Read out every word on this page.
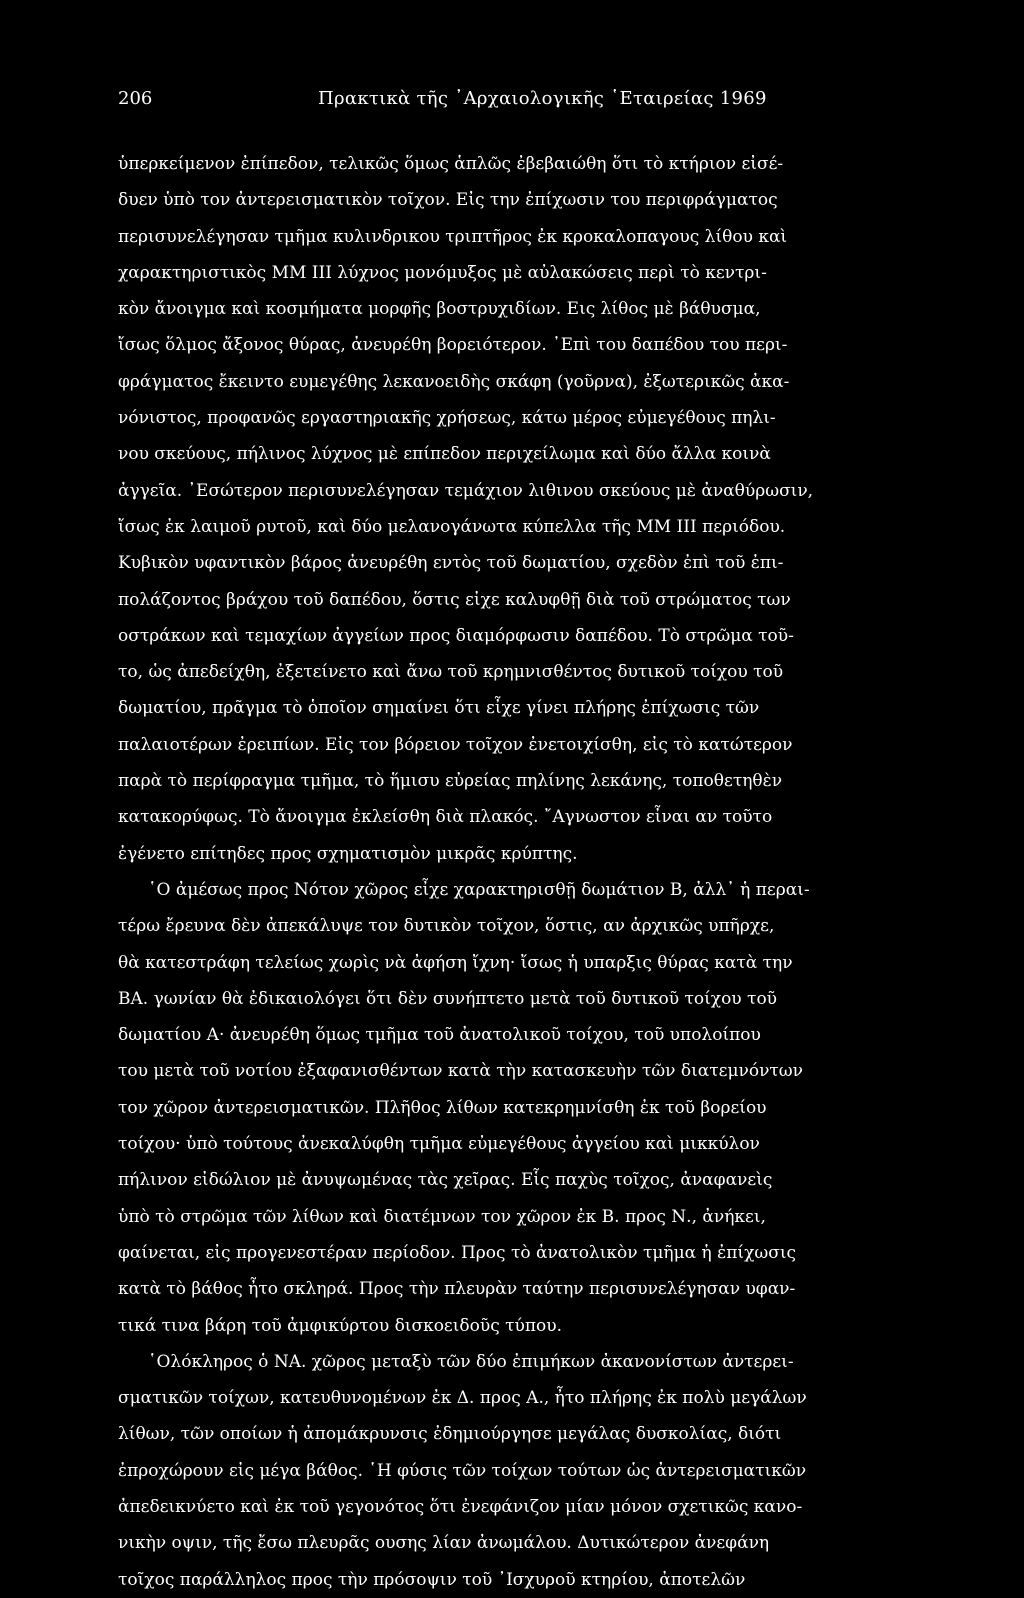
206	Πρακτικὰ τῆς ᾿Αρχαιολογικῆς ῾Εταιρείας 1969
ὑπερκείμενον ἐπίπεδον, τελικῶς ὅμως ἁπλῶς ἐβεβαιώθη ὅτι τὸ κτήριον εἰσέ-
δυεν ὑπὸ τον ἀντερεισματικὸν τοῖχον. Εἰς την ἐπίχωσιν του περιφράγματος
περισυνελέγησαν τμῆμα κυλινδρικου τριπτῆρος ἐκ κροκαλοπαγους λίθου καὶ
χαρακτηριστικὸς ΜΜ ΙΙΙ λύχνος μονόμυξος μὲ αὐλακώσεις περὶ τὸ κεντρι-
κὸν ἄνοιγμα καὶ κοσμήματα μορφῆς βοστρυχιδίων. Εις λίθος μὲ βάθυσμα,
ἴσως ὅλμος ἄξονος θύρας, ἀνευρέθη βορειότερον. ᾿Επὶ του δαπέδου του περι-
φράγματος ἔκειντο ευμεγέθης λεκανοειδὴς σκάφη (γοῦρνα), ἐξωτερικῶς ἀκα-
νόνιστος, προφανῶς εργαστηριακῆς χρήσεως, κάτω μέρος εὐμεγέθους πηλι-
νου σκεύους, πήλινος λύχνος μὲ επίπεδον περιχείλωμα καὶ δύο ἄλλα κοινὰ
ἀγγεῖα. ᾿Εσώτερον περισυνελέγησαν τεμάχιον λιθινου σκεύους μὲ ἀναθύρωσιν,
ἴσως ἐκ λαιμοῦ ρυτοῦ, καὶ δύο μελανογάνωτα κύπελλα τῆς ΜΜ ΙΙΙ περιόδου.
Κυβικὸν υφαντικὸν βάρος ἀνευρέθη εντὸς τοῦ δωματίου, σχεδὸν ἐπὶ τοῦ ἐπι-
πολάζοντος βράχου τοῦ δαπέδου, ὅστις εἰχε καλυφθῇ διὰ τοῦ στρώματος των
οστράκων καὶ τεμαχίων ἀγγείων προς διαμόρφωσιν δαπέδου. Τὸ στρῶμα τοῦ-
το, ὡς ἀπεδείχθη, ἐξετείνετο καὶ ἄνω τοῦ κρημνισθέντος δυτικοῦ τοίχου τοῦ
δωματίου, πρᾶγμα τὸ ὁποῖον σημαίνει ὅτι εἶχε γίνει πλήρης ἐπίχωσις τῶν
παλαιοτέρων ἐρειπίων. Εἰς τον βόρειον τοῖχον ἐνετοιχίσθη, εἰς τὸ κατώτερον
παρὰ τὸ περίφραγμα τμῆμα, τὸ ἥμισυ εὐρείας πηλίνης λεκάνης, τοποθετηθὲν
κατακορύφως. Τὸ ἄνοιγμα ἐκλείσθη διὰ πλακός. ῎Αγνωστον εἶναι αν τοῦτο
ἐγένετο επίτηδες προς σχηματισμὸν μικρᾶς κρύπτης.
῾Ο ἀμέσως προς Νότον χῶρος εἶχε χαρακτηρισθῇ δωμάτιον Β, ἀλλ᾿ ἡ περαι-
τέρω ἔρευνα δὲν ἀπεκάλυψε τον δυτικὸν τοῖχον, ὅστις, αν ἀρχικῶς υπῆρχε,
θὰ κατεστράφη τελείως χωρὶς νὰ ἀφήση ἴχνη· ἴσως ἡ υπαρξις θύρας κατὰ την
ΒΑ. γωνίαν θὰ ἐδικαιολόγει ὅτι δὲν συνήπτετο μετὰ τοῦ δυτικοῦ τοίχου τοῦ
δωματίου Α· ἀνευρέθη ὅμως τμῆμα τοῦ ἀνατολικοῦ τοίχου, τοῦ υπολοίπου
του μετὰ τοῦ νοτίου ἐξαφανισθέντων κατὰ τὴν κατασκευὴν τῶν διατεμνόντων
τον χῶρον ἀντερεισματικῶν. Πλῆθος λίθων κατεκρημνίσθη ἐκ τοῦ βορείου
τοίχου· ὑπὸ τούτους ἀνεκαλύφθη τμῆμα εὐμεγέθους ἀγγείου καὶ μικκύλον
πήλινον εἰδώλιον μὲ ἀνυψωμένας τὰς χεῖρας. Εἷς παχὺς τοῖχος, ἀναφανεὶς
ὑπὸ τὸ στρῶμα τῶν λίθων καὶ διατέμνων τον χῶρον ἐκ Β. προς Ν., ἀνήκει,
φαίνεται, εἰς προγενεστέραν περίοδον. Προς τὸ ἀνατολικὸν τμῆμα ἡ ἐπίχωσις
κατὰ τὸ βάθος ἦτο σκληρά. Προς τὴν πλευρὰν ταύτην περισυνελέγησαν υφαν-
τικά τινα βάρη τοῦ ἀμφικύρτου δισκοειδοῦς τύπου.
῾Ολόκληρος ὁ ΝΑ. χῶρος μεταξὺ τῶν δύο ἐπιμήκων ἀκανονίστων ἀντερει-
σματικῶν τοίχων, κατευθυνομένων ἐκ Δ. προς Α., ἦτο πλήρης ἐκ πολὺ μεγάλων
λίθων, τῶν οποίων ἡ ἀπομάκρυνσις ἐδημιούργησε μεγάλας δυσκολίας, διότι
ἐπροχώρουν εἰς μέγα βάθος. ῾Η φύσις τῶν τοίχων τούτων ὡς ἀντερεισματικῶν
ἀπεδεικνύετο καὶ ἐκ τοῦ γεγονότος ὅτι ἐνεφάνιζον μίαν μόνον σχετικῶς κανο-
νικὴν οψιν, τῆς ἔσω πλευρᾶς ουσης λίαν ἀνωμάλου. Δυτικώτερον ἀνεφάνη
τοῖχος παράλληλος προς τὴν πρόσοψιν τοῦ ᾿Ισχυροῦ κτηρίου, ἀποτελῶν
